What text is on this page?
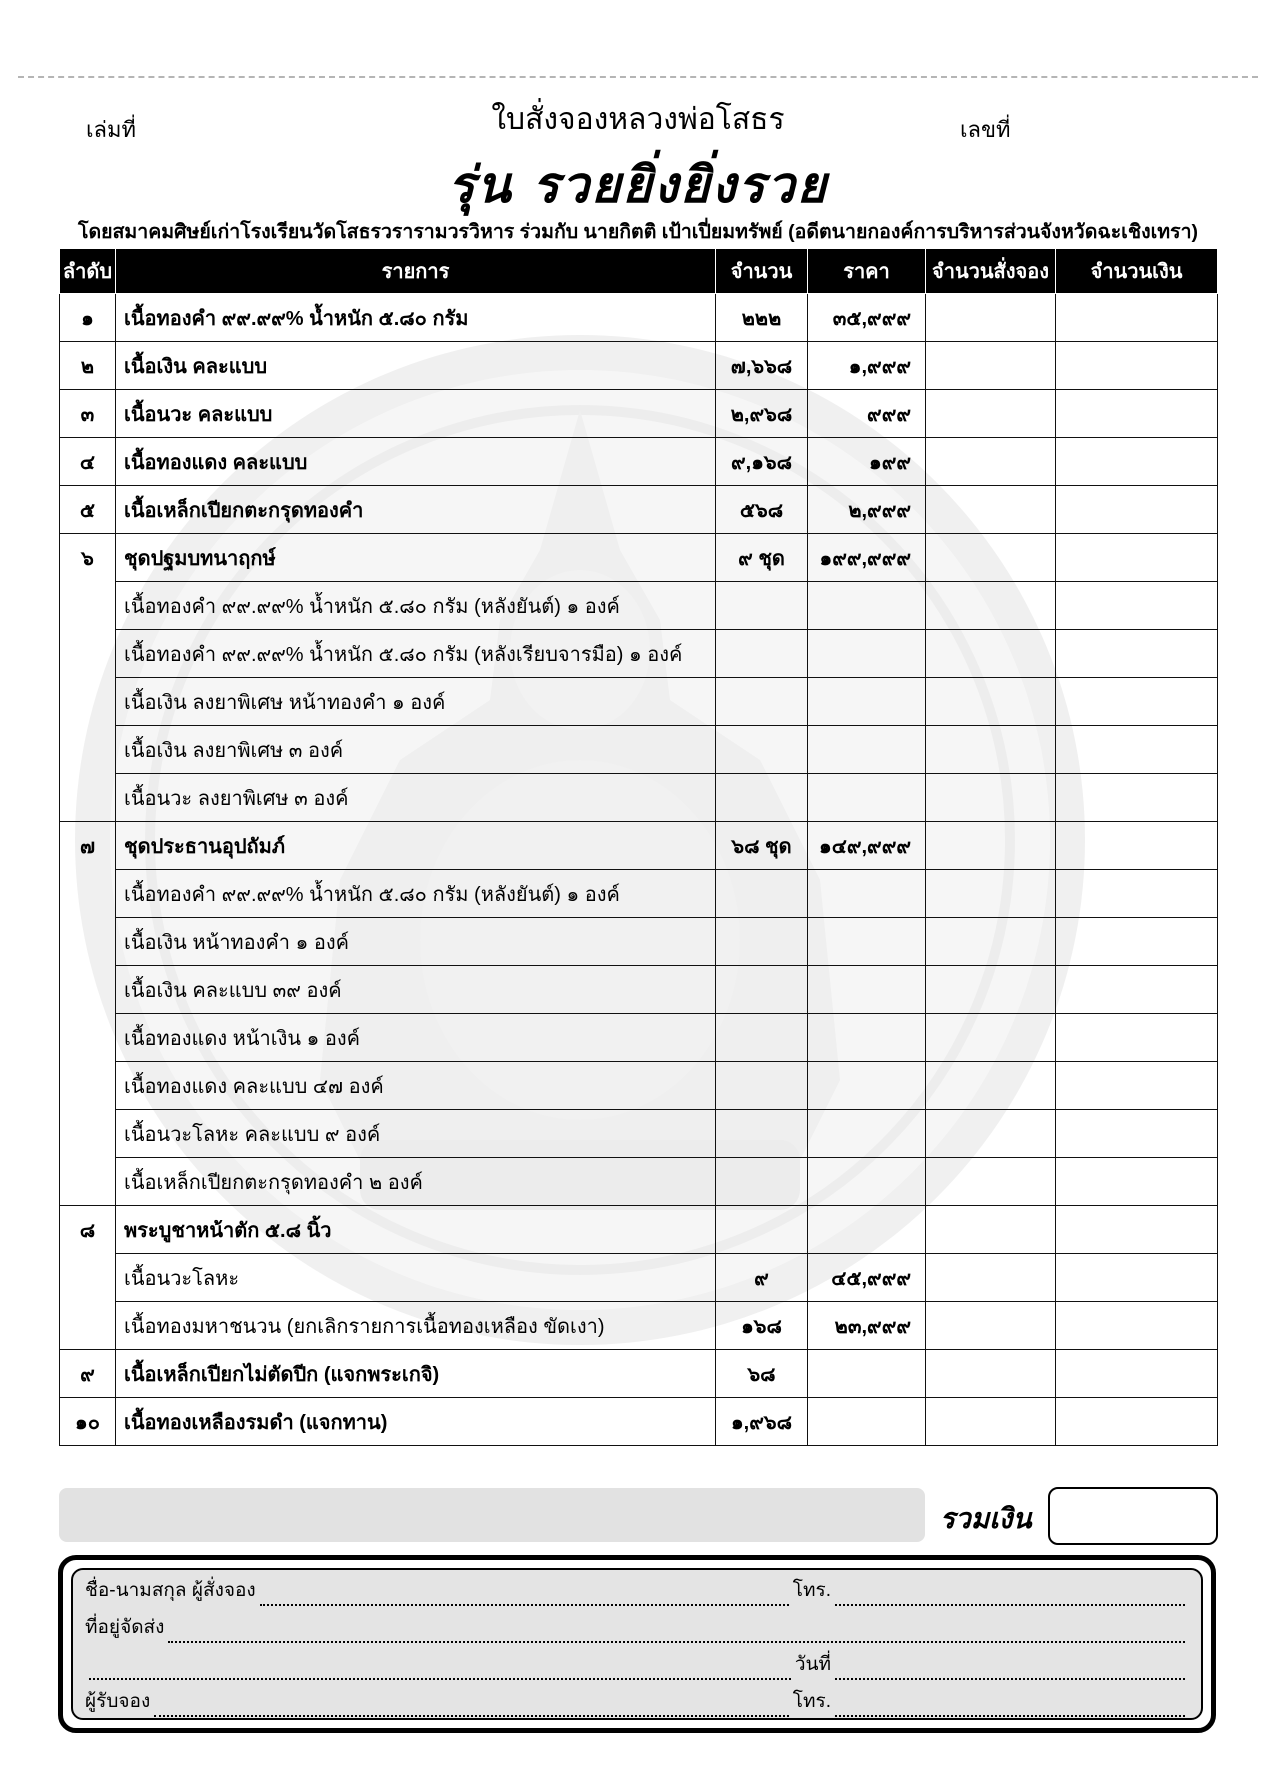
เล่มที่	เลขที่
ใบสั่งจองหลวงพ่อโสธร
รุ่น รวยยิ่งยิ่งรวย
โดยสมาคมศิษย์เก่าโรงเรียนวัดโสธรวรารามวรวิหาร ร่วมกับ นายกิตติ เป้าเปี่ยมทรัพย์ (อดีตนายกองค์การบริหารส่วนจังหวัดฉะเชิงเทรา)
ลำดับ	รายการ	จำนวน	ราคา	จำนวนสั่งจอง	จำนวนเงิน
๑	เนื้อทองคำ ๙๙.๙๙% น้ำหนัก ๕.๘๐ กรัม	๒๒๒	๓๕,๙๙๙		
๒	เนื้อเงิน คละแบบ	๗,๖๖๘	๑,๙๙๙		
๓	เนื้อนวะ คละแบบ	๒,๙๖๘	๙๙๙		
๔	เนื้อทองแดง คละแบบ	๙,๑๖๘	๑๙๙		
๕	เนื้อเหล็กเปียกตะกรุดทองคำ	๕๖๘	๒,๙๙๙		
๖	ชุดปฐมบทนาฤกษ์	๙ ชุด	๑๙๙,๙๙๙		
	เนื้อทองคำ ๙๙.๙๙% น้ำหนัก ๕.๘๐ กรัม (หลังยันต์) ๑ องค์				
	เนื้อทองคำ ๙๙.๙๙% น้ำหนัก ๕.๘๐ กรัม (หลังเรียบจารมือ) ๑ องค์				
	เนื้อเงิน ลงยาพิเศษ หน้าทองคำ ๑ องค์				
	เนื้อเงิน ลงยาพิเศษ ๓ องค์				
	เนื้อนวะ ลงยาพิเศษ ๓ องค์				
๗	ชุดประธานอุปถัมภ์	๖๘ ชุด	๑๔๙,๙๙๙		
	เนื้อทองคำ ๙๙.๙๙% น้ำหนัก ๕.๘๐ กรัม (หลังยันต์) ๑ องค์				
	เนื้อเงิน หน้าทองคำ ๑ องค์				
	เนื้อเงิน คละแบบ ๓๙ องค์				
	เนื้อทองแดง หน้าเงิน ๑ องค์				
	เนื้อทองแดง คละแบบ ๔๗ องค์				
	เนื้อนวะโลหะ คละแบบ ๙ องค์				
	เนื้อเหล็กเปียกตะกรุดทองคำ ๒ องค์				
๘	พระบูชาหน้าตัก ๕.๘ นิ้ว				
	เนื้อนวะโลหะ	๙	๔๕,๙๙๙		
	เนื้อทองมหาชนวน (ยกเลิกรายการเนื้อทองเหลือง ขัดเงา)	๑๖๘	๒๓,๙๙๙		
๙	เนื้อเหล็กเปียกไม่ตัดปีก (แจกพระเกจิ)	๖๘			
๑๐	เนื้อทองเหลืองรมดำ (แจกทาน)	๑,๙๖๘			
รวมเงิน
ชื่อ-นามสกุล ผู้สั่งจอง	โทร.
ที่อยู่จัดส่ง
วันที่
ผู้รับจอง	โทร.
